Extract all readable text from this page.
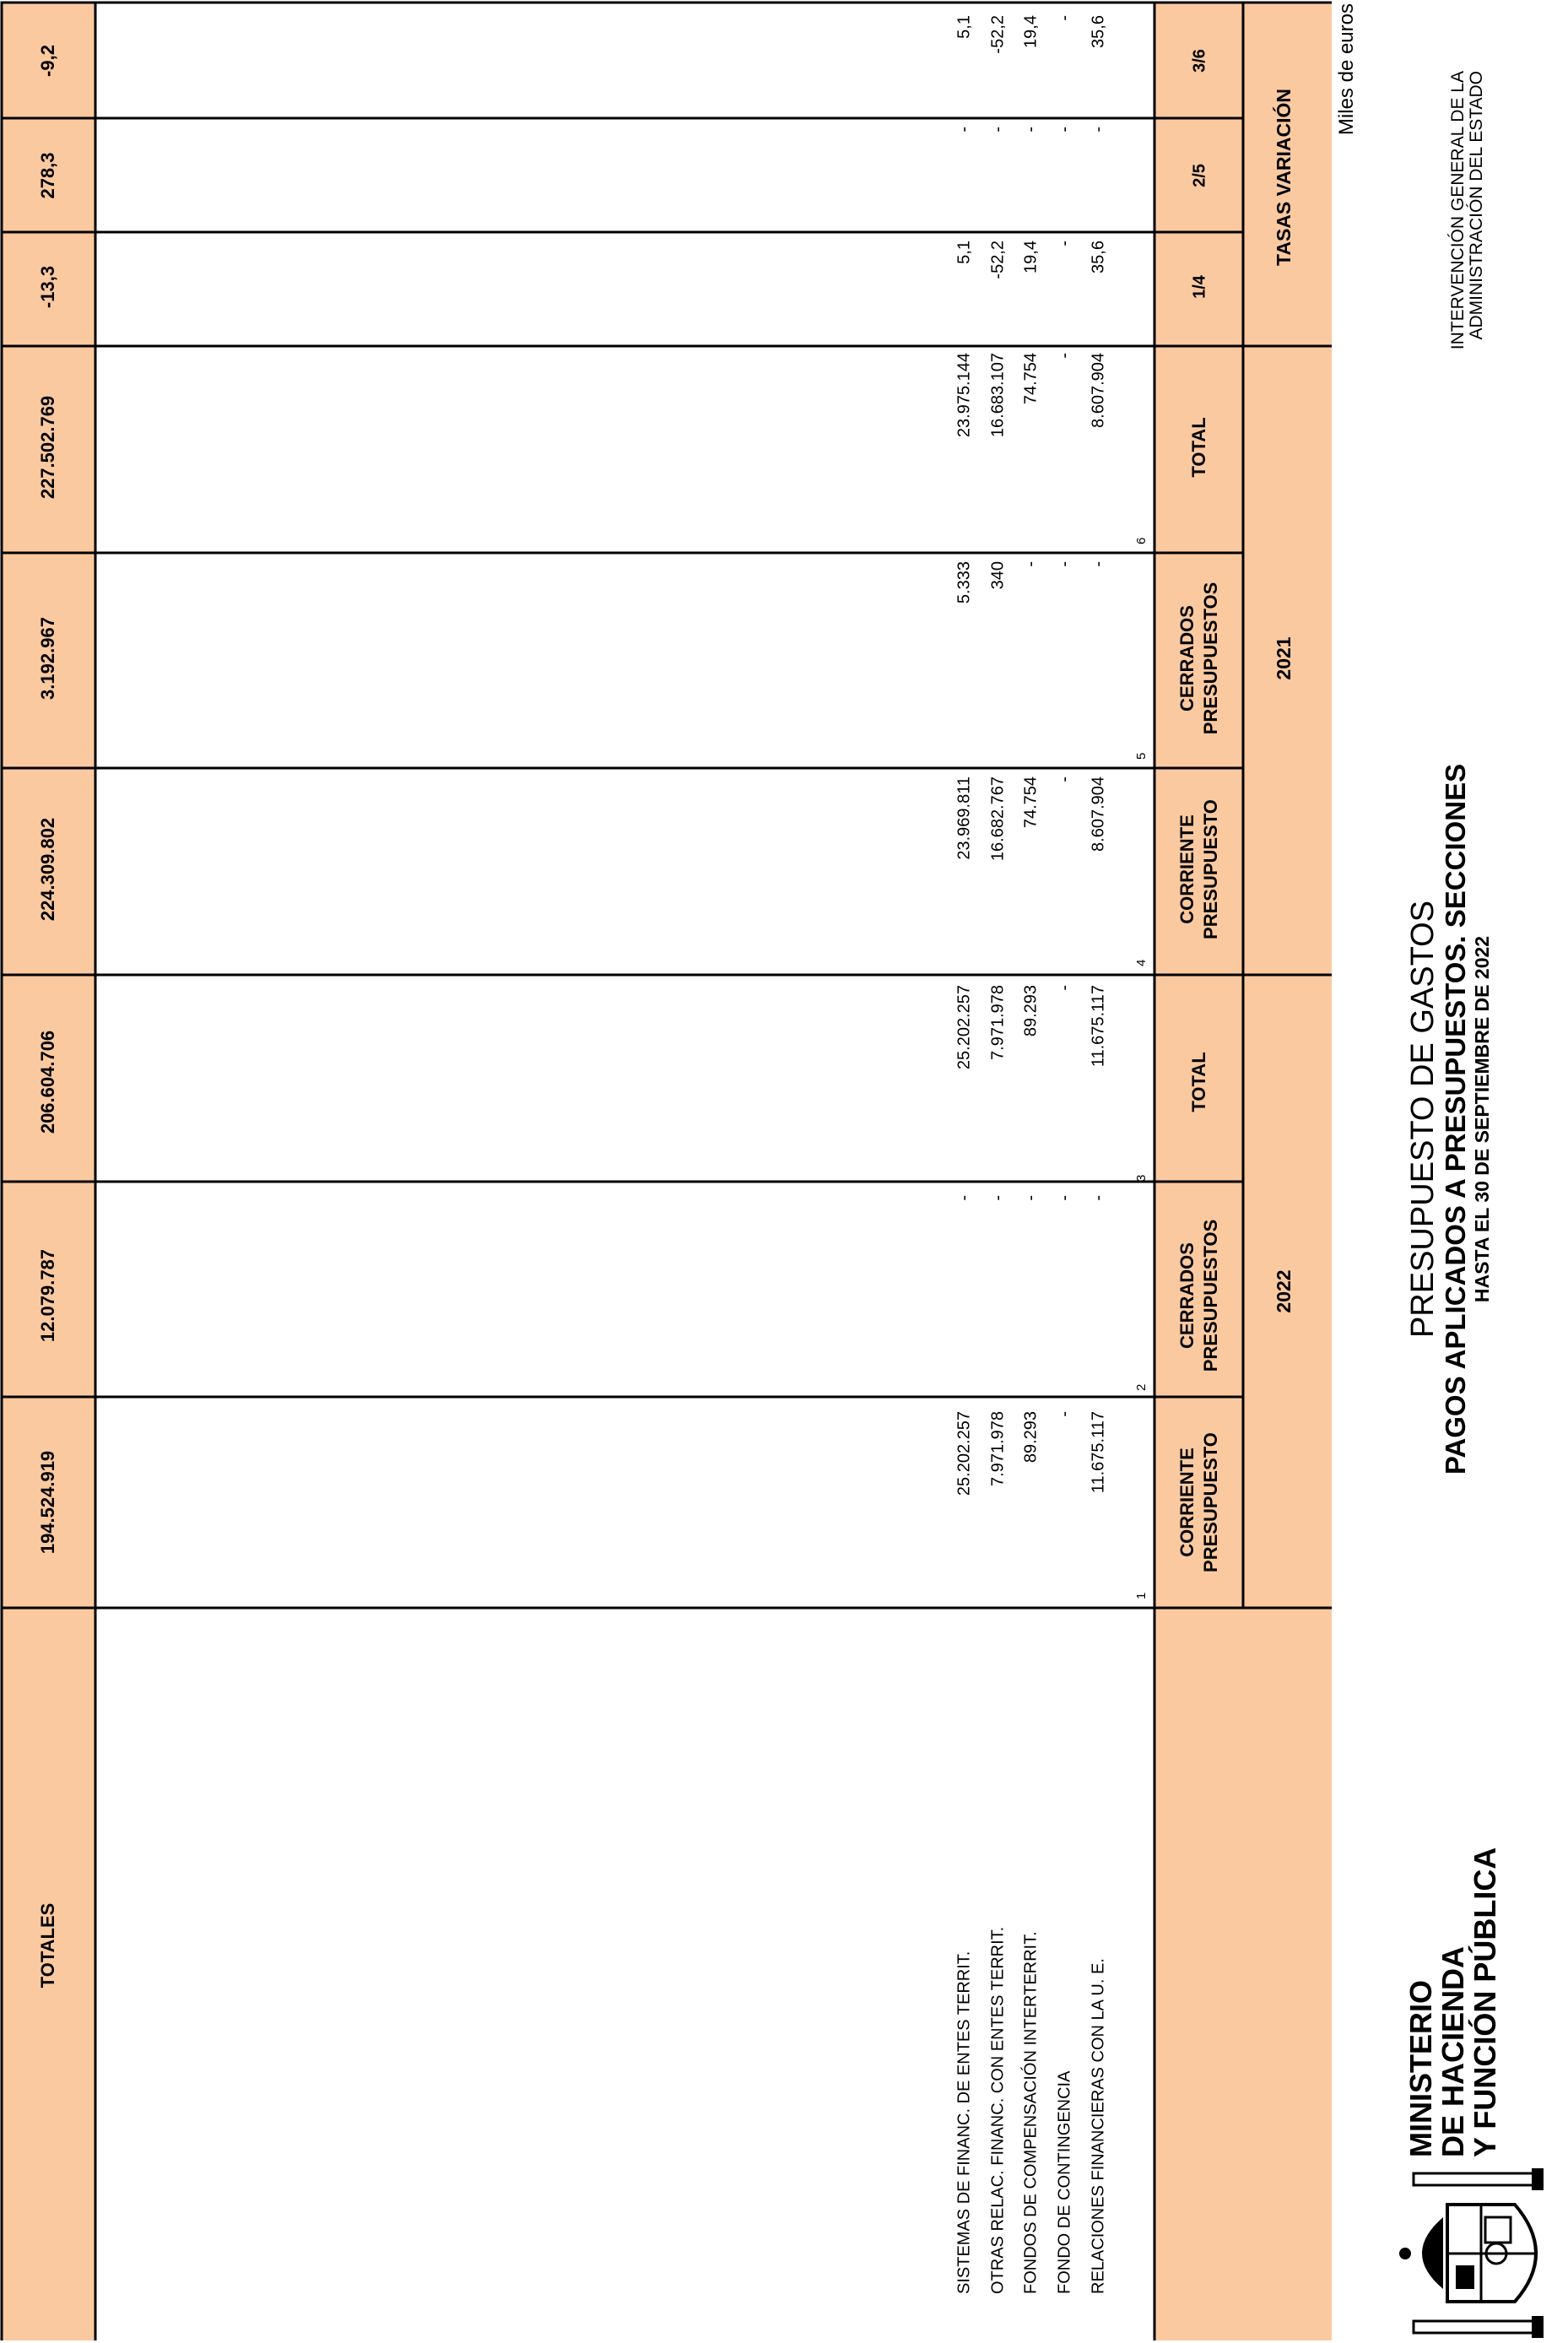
MINISTERIO
DE HACIENDA
Y FUNCIÓN PÚBLICA
PRESUPUESTO DE GASTOS PAGOS APLICADOS A PRESUPUESTOS. SECCIONES HASTA EL 30 DE SEPTIEMBRE DE 2022
INTERVENCIÓN GENERAL DE LA ADMINISTRACIÓN DEL ESTADO
Miles de euros
2022
2021
TASAS VARIACIÓN
PRESUPUESTO
CORRIENTE
PRESUPUESTOS
CERRADOS
TOTAL
PRESUPUESTO
CORRIENTE
PRESUPUESTOS
CERRADOS
TOTAL
1/4
2/5
3/6
1
2
3
4
5
6
RELACIONES FINANCIERAS CON LA U. E.
11.675.117
-
11.675.117
8.607.904
-
8.607.904
35,6
-
35,6
FONDO DE CONTINGENCIA
-
-
-
-
-
-
-
-
-
FONDOS DE COMPENSACIÓN INTERTERRIT.
89.293
-
89.293
74.754
-
74.754
19,4
-
19,4
OTRAS RELAC. FINANC. CON ENTES TERRIT.
7.971.978
-
7.971.978
16.682.767
340
16.683.107
-52,2
-
-52,2
SISTEMAS DE FINANC. DE ENTES TERRIT.
25.202.257
-
25.202.257
23.969.811
5.333
23.975.144
5,1
-
5,1
TOTALES
194.524.919
12.079.787
206.604.706
224.309.802
3.192.967
227.502.769
-13,3
278,3
-9,2
